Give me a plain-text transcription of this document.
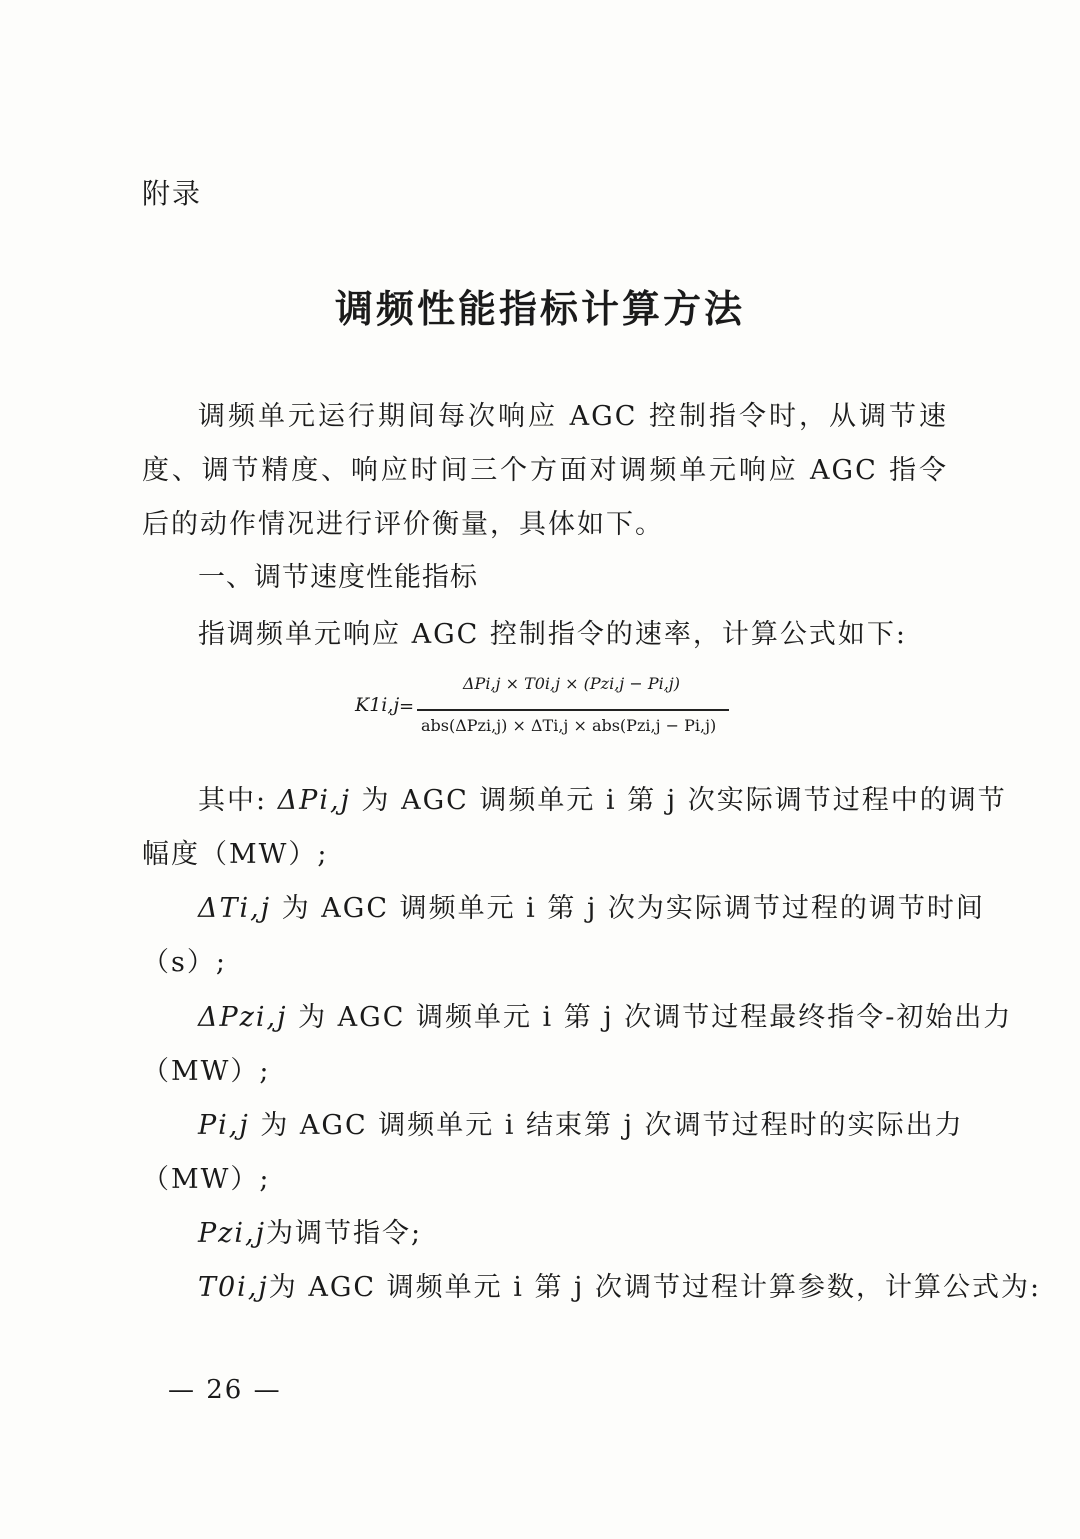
附录
调频性能指标计算方法
调频单元运行期间每次响应 AGC 控制指令时，从调节速度、调节精度、响应时间三个方面对调频单元响应 AGC 指令后的动作情况进行评价衡量，具体如下。
一、调节速度性能指标
指调频单元响应 AGC 控制指令的速率，计算公式如下:
K1i,j =
ΔPi,j × T0i,j × (Pzi,j − Pi,j)
abs(ΔPzi,j) × ΔTi,j × abs(Pzi,j − Pi,j)
其中: ΔPi,j 为 AGC 调频单元 i 第 j 次实际调节过程中的调节
幅度（MW）;
ΔTi,j 为 AGC 调频单元 i 第 j 次为实际调节过程的调节时间
（s）;
ΔPzi,j 为 AGC 调频单元 i 第 j 次调节过程最终指令-初始出力
（MW）;
Pi,j 为 AGC 调频单元 i 结束第 j 次调节过程时的实际出力
（MW）;
Pzi,j为调节指令;
T0i,j为 AGC 调频单元 i 第 j 次调节过程计算参数，计算公式为:
— 26 —
